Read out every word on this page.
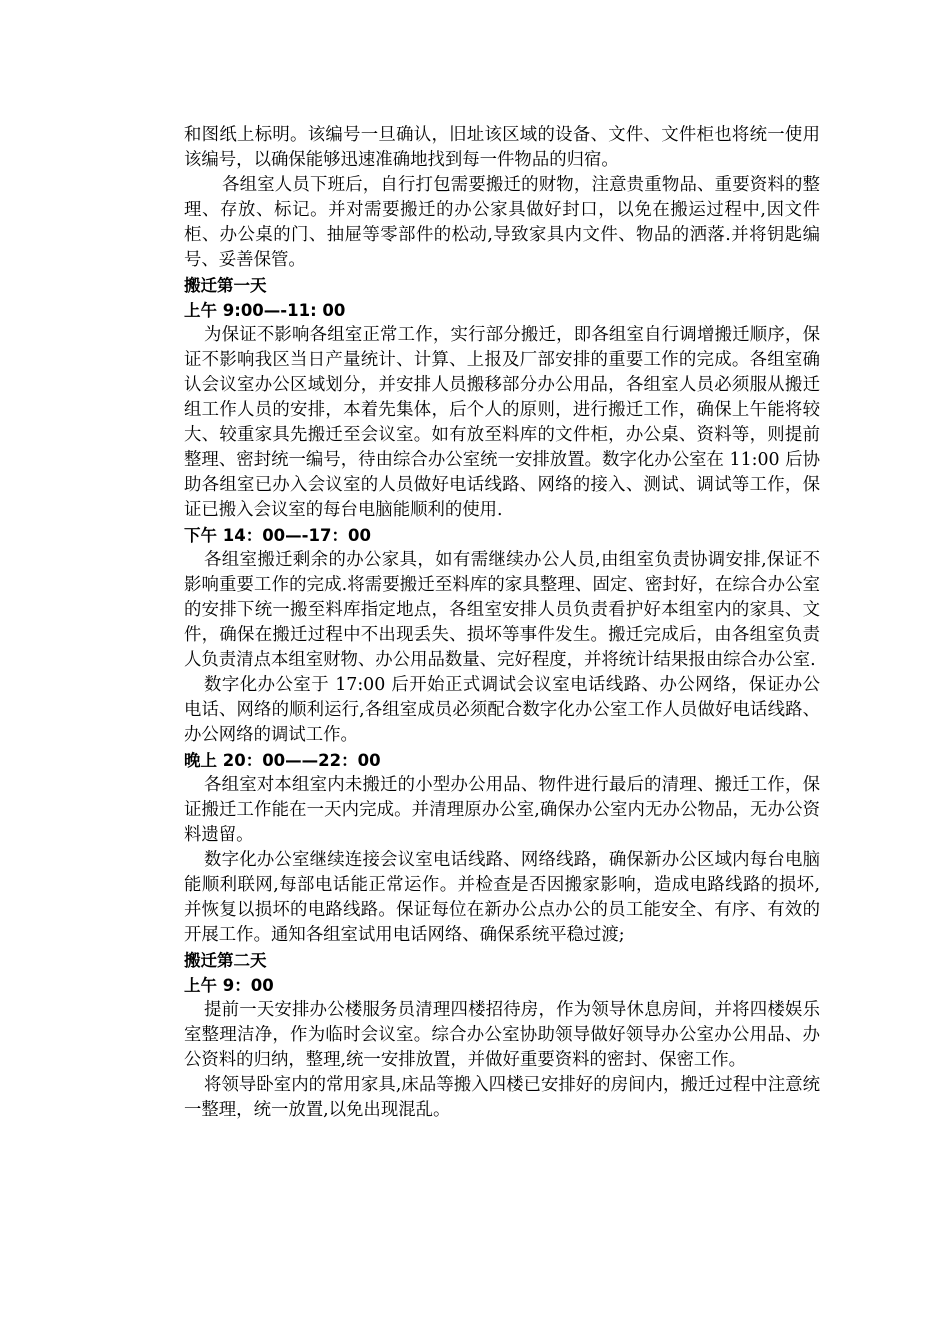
和图纸上标明。该编号一旦确认，旧址该区域的设备、文件、文件柜也将统一使用该编号，以确保能够迅速准确地找到每一件物品的归宿。

各组室人员下班后，自行打包需要搬迁的财物，注意贵重物品、重要资料的整理、存放、标记。并对需要搬迁的办公家具做好封口，以免在搬运过程中,因文件柜、办公桌的门、抽屉等零部件的松动,导致家具内文件、物品的洒落.并将钥匙编号、妥善保管。

搬迁第一天

上午 9:00—-11: 00

为保证不影响各组室正常工作，实行部分搬迁，即各组室自行调增搬迁顺序，保证不影响我区当日产量统计、计算、上报及厂部安排的重要工作的完成。各组室确认会议室办公区域划分，并安排人员搬移部分办公用品，各组室人员必须服从搬迁组工作人员的安排，本着先集体，后个人的原则，进行搬迁工作，确保上午能将较大、较重家具先搬迁至会议室。如有放至料库的文件柜，办公桌、资料等，则提前整理、密封统一编号，待由综合办公室统一安排放置。数字化办公室在 11:00 后协助各组室已办入会议室的人员做好电话线路、网络的接入、测试、调试等工作，保证已搬入会议室的每台电脑能顺利的使用.

下午 14：00—-17：00

各组室搬迁剩余的办公家具，如有需继续办公人员,由组室负责协调安排,保证不影响重要工作的完成.将需要搬迁至料库的家具整理、固定、密封好，在综合办公室的安排下统一搬至料库指定地点，各组室安排人员负责看护好本组室内的家具、文件，确保在搬迁过程中不出现丢失、损坏等事件发生。搬迁完成后，由各组室负责人负责清点本组室财物、办公用品数量、完好程度，并将统计结果报由综合办公室.

数字化办公室于 17:00 后开始正式调试会议室电话线路、办公网络，保证办公电话、网络的顺利运行,各组室成员必须配合数字化办公室工作人员做好电话线路、办公网络的调试工作。

晚上 20：00——22：00

各组室对本组室内未搬迁的小型办公用品、物件进行最后的清理、搬迁工作，保证搬迁工作能在一天内完成。并清理原办公室,确保办公室内无办公物品，无办公资料遗留。

数字化办公室继续连接会议室电话线路、网络线路，确保新办公区域内每台电脑能顺利联网,每部电话能正常运作。并检查是否因搬家影响，造成电路线路的损坏,并恢复以损坏的电路线路。保证每位在新办公点办公的员工能安全、有序、有效的开展工作。通知各组室试用电话网络、确保系统平稳过渡;

搬迁第二天

上午 9：00

提前一天安排办公楼服务员清理四楼招待房，作为领导休息房间，并将四楼娱乐室整理洁净，作为临时会议室。综合办公室协助领导做好领导办公室办公用品、办公资料的归纳，整理,统一安排放置，并做好重要资料的密封、保密工作。

将领导卧室内的常用家具,床品等搬入四楼已安排好的房间内，搬迁过程中注意统一整理，统一放置,以免出现混乱。
